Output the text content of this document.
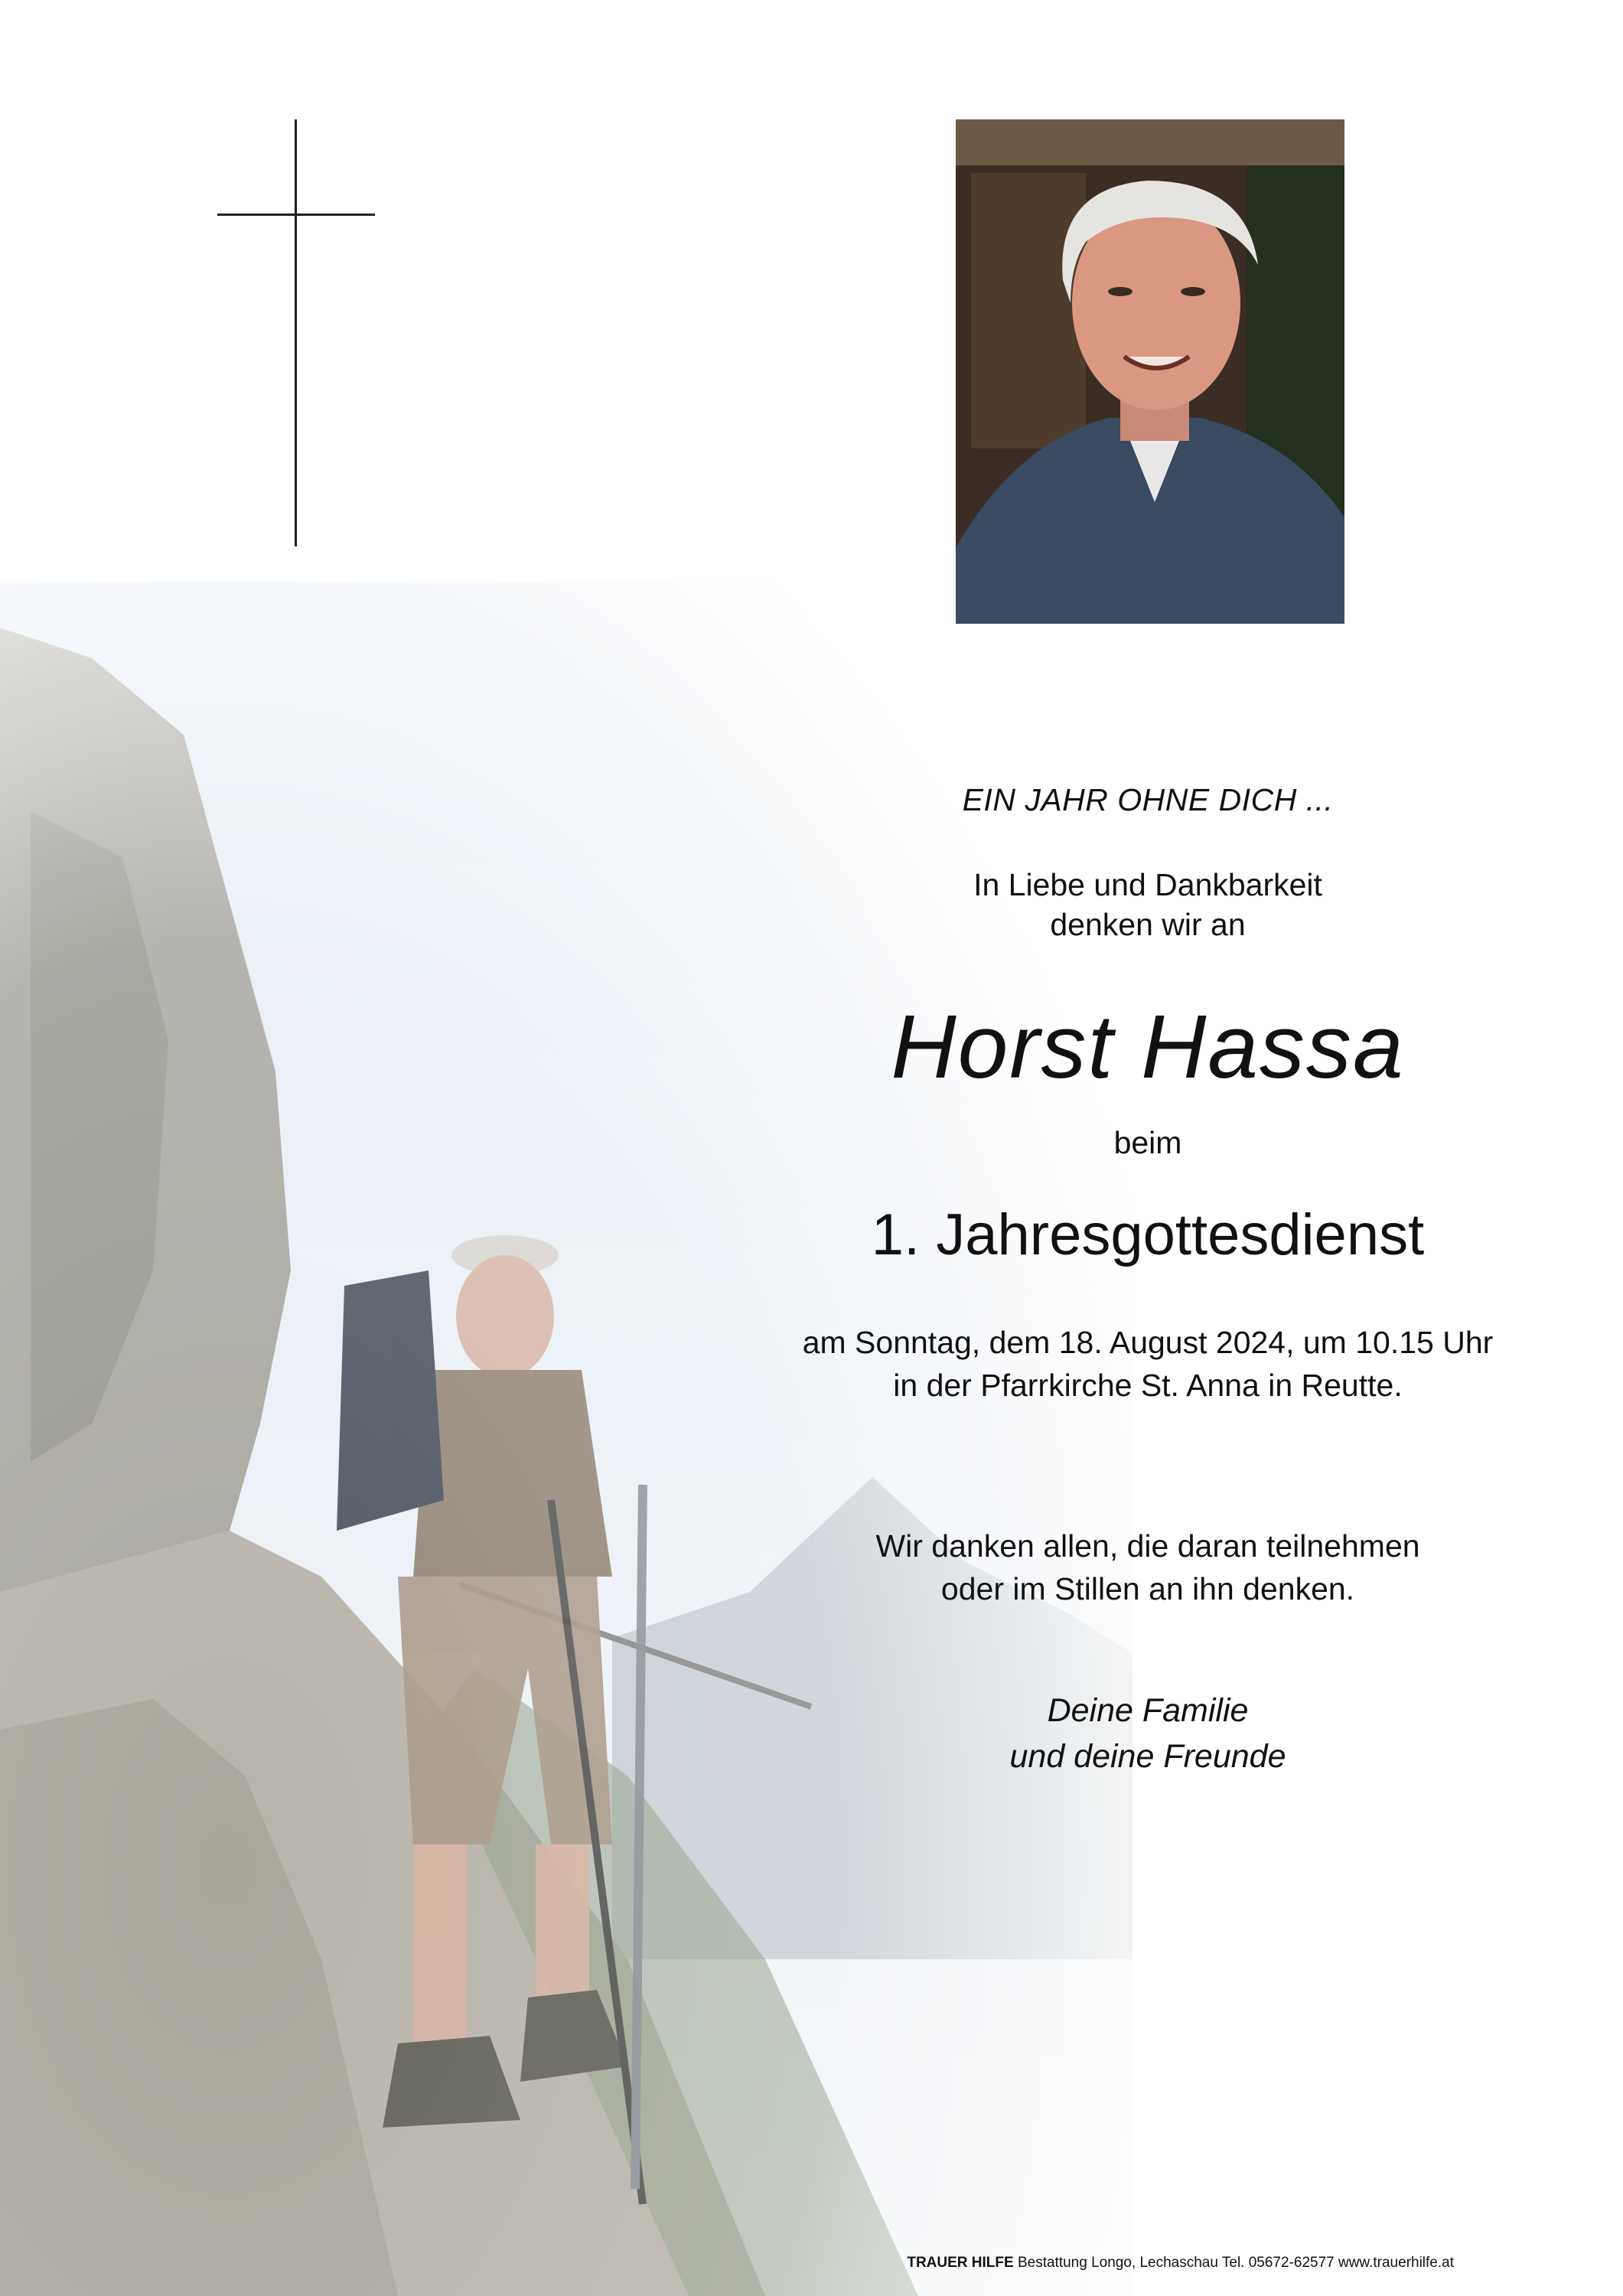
EIN JAHR OHNE DICH ...
In Liebe und Dankbarkeit
denken wir an
Horst Hassa
beim
1. Jahresgottesdienst
am Sonntag, dem 18. August 2024, um 10.15 Uhr
in der Pfarrkirche St. Anna in Reutte.
Wir danken allen, die daran teilnehmen
oder im Stillen an ihn denken.
Deine Familie
und deine Freunde
TRAUER HILFE Bestattung Longo, Lechaschau Tel. 05672-62577 www.trauerhilfe.at
